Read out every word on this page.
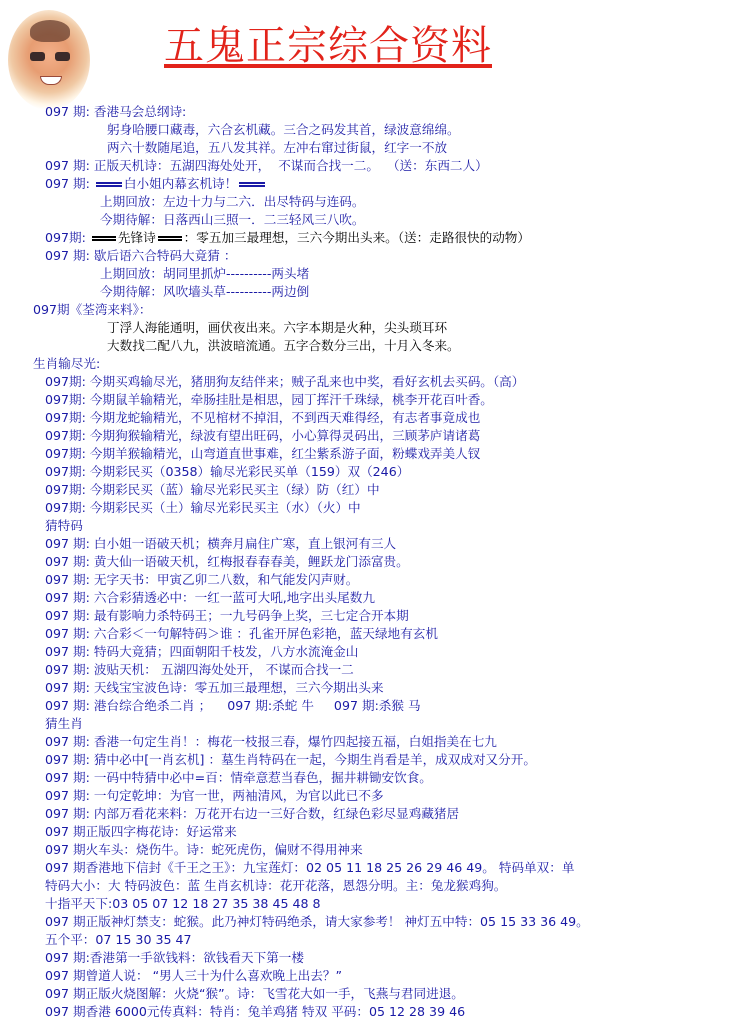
五鬼正宗综合资料
097 期: 香港马会总纲诗:
躬身哈腰口藏毒，六合玄机藏。三合之码发其首，绿波意绵绵。
两六十数随尾追，五八发其祥。左冲右窜过街鼠，红字一不放
097 期: 正版天机诗：五湖四海处处开，  不谋而合找一二。  （送：东西二人）
097 期: 白小姐内幕玄机诗！
上期回放：左边十力与二六．出尽特码与连码。
今期待解：日落西山三照一．二三轻风三八吹。
097期: 先锋诗 ：零五加三最理想，三六今期出头来。（送：走路很快的动物）
097 期: 歇后语六合特码大竟猜 ：
上期回放：胡同里抓炉----------两头堵
今期待解：风吹墙头草----------两边倒
097期《荃湾来料》：
丁浮人海能通明，画伏夜出来。六字本期是火种，尖头琐耳环
大数找二配八九，洪波暗流通。五字合数分三出，十月入冬来。
生肖输尽光:
097期: 今期买鸡输尽光，猪朋狗友结伴来；贼子乱来也中奖，看好玄机去买码。（高）
097期: 今期鼠羊输精光，牵肠挂肚是相思，园丁挥汗千珠绿，桃李开花百叶香。
097期: 今期龙蛇输精光，不见棺材不掉泪，不到西天难得经，有志者事竟成也
097期: 今期狗猴输精光，绿波有望出旺码，小心算得灵码出，三顾茅庐请诸葛
097期: 今期羊猴输精光，山弯道直世事难，红尘紫系游子面，粉蝶戏弄美人钗
097期: 今期彩民买（0358）输尽光彩民买单（159）双（246）
097期: 今期彩民买（蓝）输尽光彩民买主（绿）防（红）中
097期: 今期彩民买（土）输尽光彩民买主（水）（火）中
猜特码
097 期: 白小姐一语破天机；横奔月扁住广寒，直上银河有三人
097 期: 黄大仙一语破天机，红梅报春春春美，鲤跃龙门添富贵。
097 期: 无字天书：甲寅乙卯二八数，和气能发闪声财。
097 期: 六合彩猜透必中：一红一蓝可大吼,地字出头尾数九
097 期: 最有影响力杀特码王；一九号码争上奖，三七定合开本期
097 期: 六合彩＜一句解特码＞谁 ：孔雀开屏色彩艳，蓝天绿地有玄机
097 期: 特码大竟猜；四面朝阳千枝发，八方水流淹金山
097 期: 波贴天机： 五湖四海处处开， 不谋而合找一二
097 期: 天线宝宝波色诗：零五加三最理想，三六今期出头来
097 期: 港台综合绝杀二肖 ；    097 期:杀蛇 牛     097 期:杀猴 马
猜生肖
097 期: 香港一句定生肖！：梅花一枝报三春，爆竹四起接五福，白姐指美在七九
097 期: 猜中必中[一肖玄机] ：墓生肖特码在一起，今期生肖看是羊，成双成对又分开。
097 期: 一码中特猜中必中=百：情牵意惹当春色，掘井耕锄安饮食。
097 期: 一句定乾坤：为官一世，两袖清风，为官以此已不多
097 期: 内部万看花来料：万花开右边一三好合数，红绿色彩尽显鸡藏猪居
097 期正版四字梅花诗：好运常来
097 期火车头：烧伤牛。诗：蛇死虎伤，偏财不得用神来
097 期香港地下信封《千王之王》：九宝莲灯：02 05 11 18 25 26 29 46 49。 特码单双：单
特码大小：大 特码波色：蓝 生肖玄机诗：花开花落，恩怨分明。主：兔龙猴鸡狗。
十指平天下:03 05 07 12 18 27 35 38 45 48 8
097 期正版神灯禁支：蛇猴。此乃神灯特码绝杀，请大家参考！ 神灯五中特：05 15 33 36 49。
五个平：07 15 30 35 47
097 期:香港第一手欲钱料：欲钱看天下第一楼
097 期曾道人说： “男人三十为什么喜欢晚上出去？”
097 期正版火烧图解：火烧“猴”。诗：飞雪花大如一手，飞燕与君同进退。
097 期香港 6000元传真料：特肖：兔羊鸡猪 特双 平码：05 12 28 39 46
